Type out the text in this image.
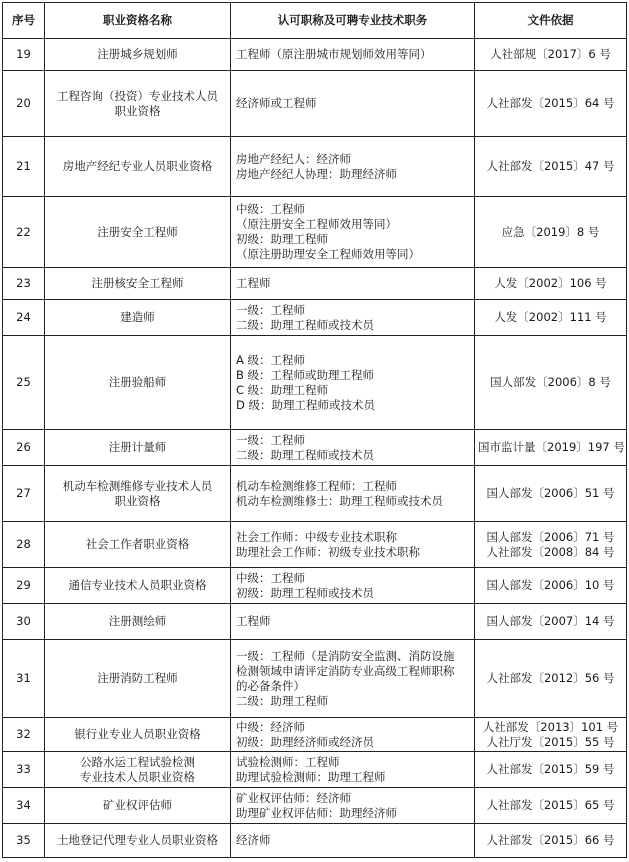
序号	职业资格名称	认可职称及可聘专业技术职务	文件依据
19	注册城乡规划师	工程师（原注册城市规划师效用等同）	人社部规〔2017〕6 号

20	工程咨询（投资）专业技术人员
职业资格	经济师或工程师	人社部发〔2015〕64 号

21	房地产经纪专业人员职业资格	房地产经纪人：经济师
房地产经纪人协理：助理经济师	人社部发〔2015〕47 号

22	注册安全工程师	中级：工程师
（原注册安全工程师效用等同）
初级：助理工程师
（原注册助理安全工程师效用等同）	应急〔2019〕8 号

23	注册核安全工程师	工程师	人发〔2002〕106 号

24	建造师	一级：工程师
二级：助理工程师或技术员	人发〔2002〕111 号

25	注册验船师	A 级：工程师
B 级：工程师或助理工程师
C 级：助理工程师
D 级：助理工程师或技术员	国人部发〔2006〕8 号

26	注册计量师	一级：工程师
二级：助理工程师或技术员	国市监计量〔2019〕197 号

27	机动车检测维修专业技术人员
职业资格	机动车检测维修工程师：工程师
机动车检测维修士：助理工程师或技术员	国人部发〔2006〕51 号

28	社会工作者职业资格	社会工作师：中级专业技术职称
助理社会工作师：初级专业技术职称	国人部发〔2006〕71 号
人社部发〔2008〕84 号

29	通信专业技术人员职业资格	中级：工程师
初级：助理工程师或技术员	国人部发〔2006〕10 号

30	注册测绘师	工程师	国人部发〔2007〕14 号

31	注册消防工程师	一级：工程师（是消防安全监测、消防设施
检测领域申请评定消防专业高级工程师职称
的必备条件）
二级：助理工程师	人社部发〔2012〕56 号

32	银行业专业人员职业资格	中级：经济师
初级：助理经济师或经济员	人社部发〔2013〕101 号
人社厅发〔2015〕55 号

33	公路水运工程试验检测
专业技术人员职业资格	试验检测师：工程师
助理试验检测师：助理工程师	人社部发〔2015〕59 号

34	矿业权评估师	矿业权评估师：经济师
助理矿业权评估师：助理经济师	人社部发〔2015〕65 号

35	土地登记代理专业人员职业资格	经济师	人社部发〔2015〕66 号
